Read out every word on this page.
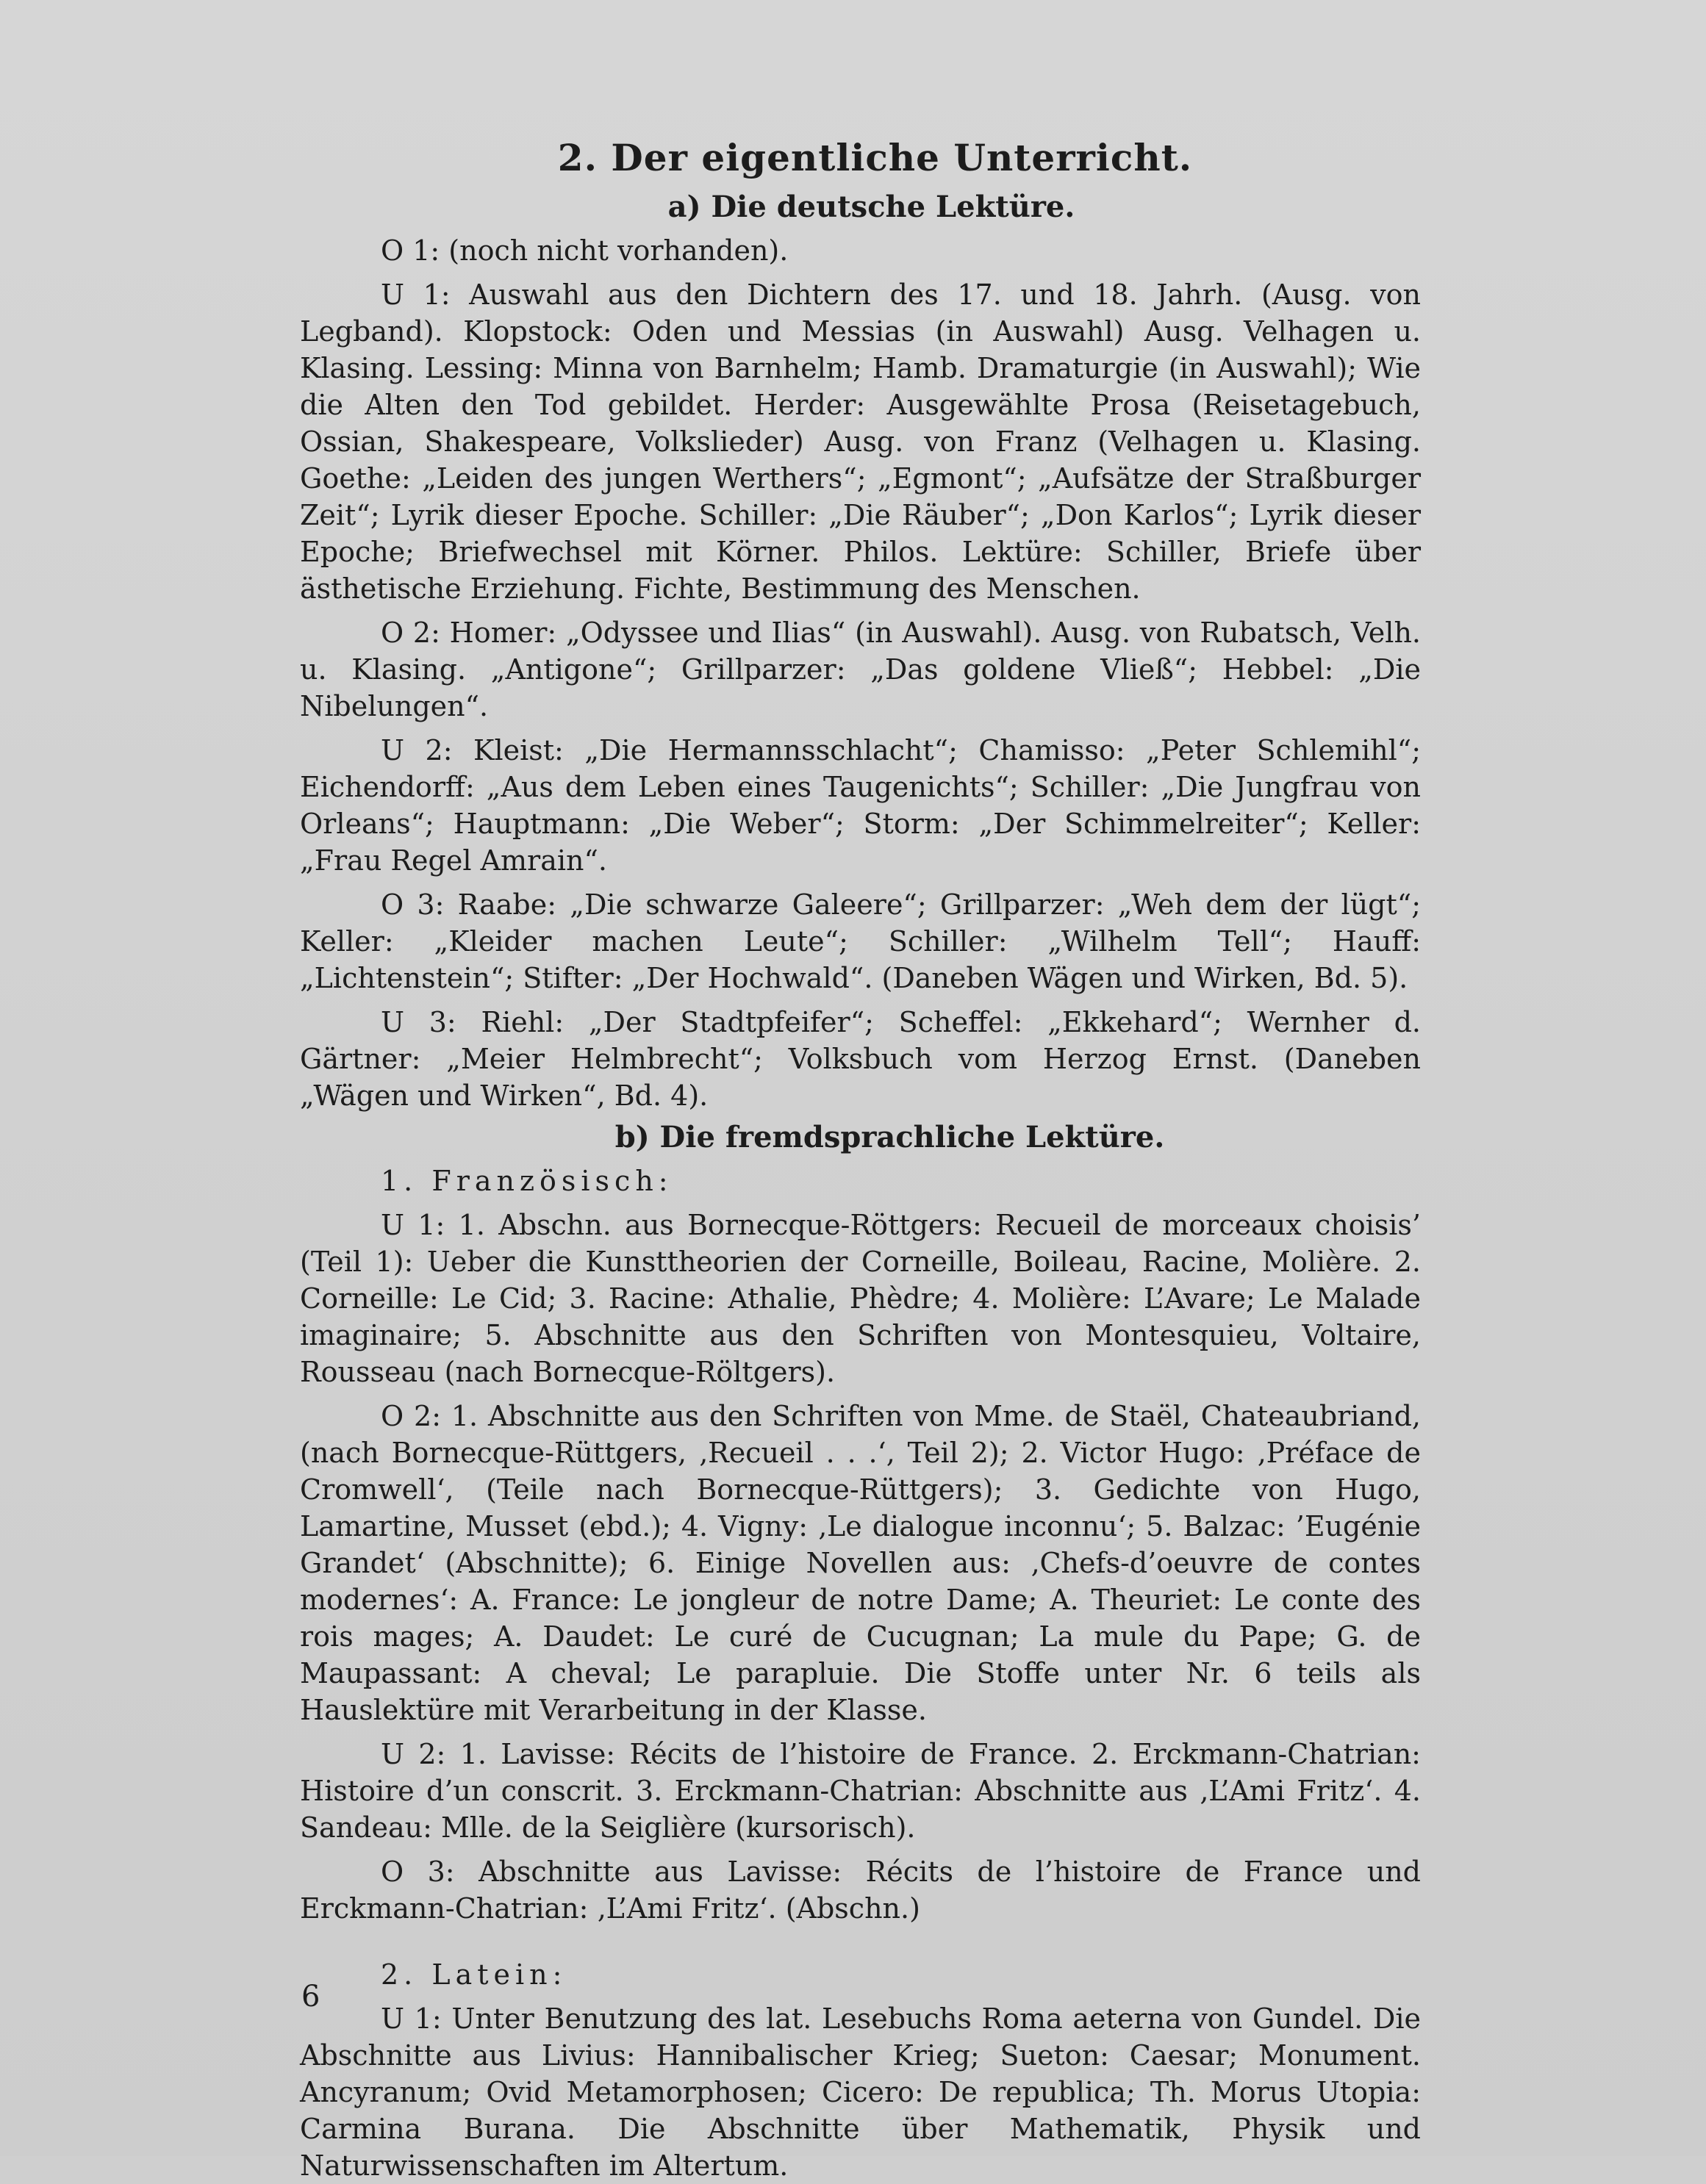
2. Der eigentliche Unterricht.
a) Die deutsche Lektüre.

O 1: (noch nicht vorhanden).

U 1: Auswahl aus den Dichtern des 17. und 18. Jahrh. (Ausg. von Legband). Klopstock: Oden und Messias (in Auswahl) Ausg. Velhagen u. Klasing. Lessing: Minna von Barnhelm; Hamb. Dramaturgie (in Auswahl); Wie die Alten den Tod gebildet. Herder: Ausgewählte Prosa (Reisetagebuch, Ossian, Shakespeare, Volkslieder) Ausg. von Franz (Velhagen u. Klasing. Goethe: „Leiden des jungen Werthers“; „Egmont“; „Aufsätze der Straßburger Zeit“; Lyrik dieser Epoche. Schiller: „Die Räuber“; „Don Karlos“; Lyrik dieser Epoche; Briefwechsel mit Körner. Philos. Lektüre: Schiller, Briefe über ästhetische Erziehung. Fichte, Bestimmung des Menschen.

O 2: Homer: „Odyssee und Ilias“ (in Auswahl). Ausg. von Rubatsch, Velh. u. Klasing. „Antigone“; Grillparzer: „Das goldene Vließ“; Hebbel: „Die Nibelungen“.

U 2: Kleist: „Die Hermannsschlacht“; Chamisso: „Peter Schlemihl“; Eichendorff: „Aus dem Leben eines Taugenichts“; Schiller: „Die Jungfrau von Orleans“; Hauptmann: „Die Weber“; Storm: „Der Schimmelreiter“; Keller: „Frau Regel Amrain“.

O 3: Raabe: „Die schwarze Galeere“; Grillparzer: „Weh dem der lügt“; Keller: „Kleider machen Leute“; Schiller: „Wilhelm Tell“; Hauff: „Lichtenstein“; Stifter: „Der Hochwald“. (Daneben Wägen und Wirken, Bd. 5).

U 3: Riehl: „Der Stadtpfeifer“; Scheffel: „Ekkehard“; Wernher d. Gärtner: „Meier Helmbrecht“; Volksbuch vom Herzog Ernst. (Daneben „Wägen und Wirken“, Bd. 4).

b) Die fremdsprachliche Lektüre.

1. Französisch:

U 1: 1. Abschn. aus Bornecque-Röttgers: Recueil de morceaux choisis’ (Teil 1): Ueber die Kunsttheorien der Corneille, Boileau, Racine, Molière. 2. Corneille: Le Cid; 3. Racine: Athalie, Phèdre; 4. Molière: L’Avare; Le Malade imaginaire; 5. Abschnitte aus den Schriften von Montesquieu, Voltaire, Rousseau (nach Bornecque-Röltgers).

O 2: 1. Abschnitte aus den Schriften von Mme. de Staël, Chateaubriand, (nach Bornecque-Rüttgers, ‚Recueil . . .‘, Teil 2); 2. Victor Hugo: ‚Préface de Cromwell‘, (Teile nach Bornecque-Rüttgers); 3. Gedichte von Hugo, Lamartine, Musset (ebd.); 4. Vigny: ‚Le dialogue inconnu‘; 5. Balzac: ’Eugénie Grandet‘ (Abschnitte); 6. Einige Novellen aus: ‚Chefs-d’oeuvre de contes modernes‘: A. France: Le jongleur de notre Dame; A. Theuriet: Le conte des rois mages; A. Daudet: Le curé de Cucugnan; La mule du Pape; G. de Maupassant: A cheval; Le parapluie. Die Stoffe unter Nr. 6 teils als Hauslektüre mit Verarbeitung in der Klasse.

U 2: 1. Lavisse: Récits de l’histoire de France. 2. Erckmann-Chatrian: Histoire d’un conscrit. 3. Erckmann-Chatrian: Abschnitte aus ‚L’Ami Fritz‘. 4. Sandeau: Mlle. de la Seiglière (kursorisch).

O 3: Abschnitte aus Lavisse: Récits de l’histoire de France und Erckmann-Chatrian: ‚L’Ami Fritz‘. (Abschn.)

2. Latein:

U 1: Unter Benutzung des lat. Lesebuchs Roma aeterna von Gundel. Die Abschnitte aus Livius: Hannibalischer Krieg; Sueton: Caesar; Monument. Ancyranum; Ovid Metamorphosen; Cicero: De republica; Th. Morus Utopia: Carmina Burana. Die Abschnitte über Mathematik, Physik und Naturwissenschaften im Altertum.

6
